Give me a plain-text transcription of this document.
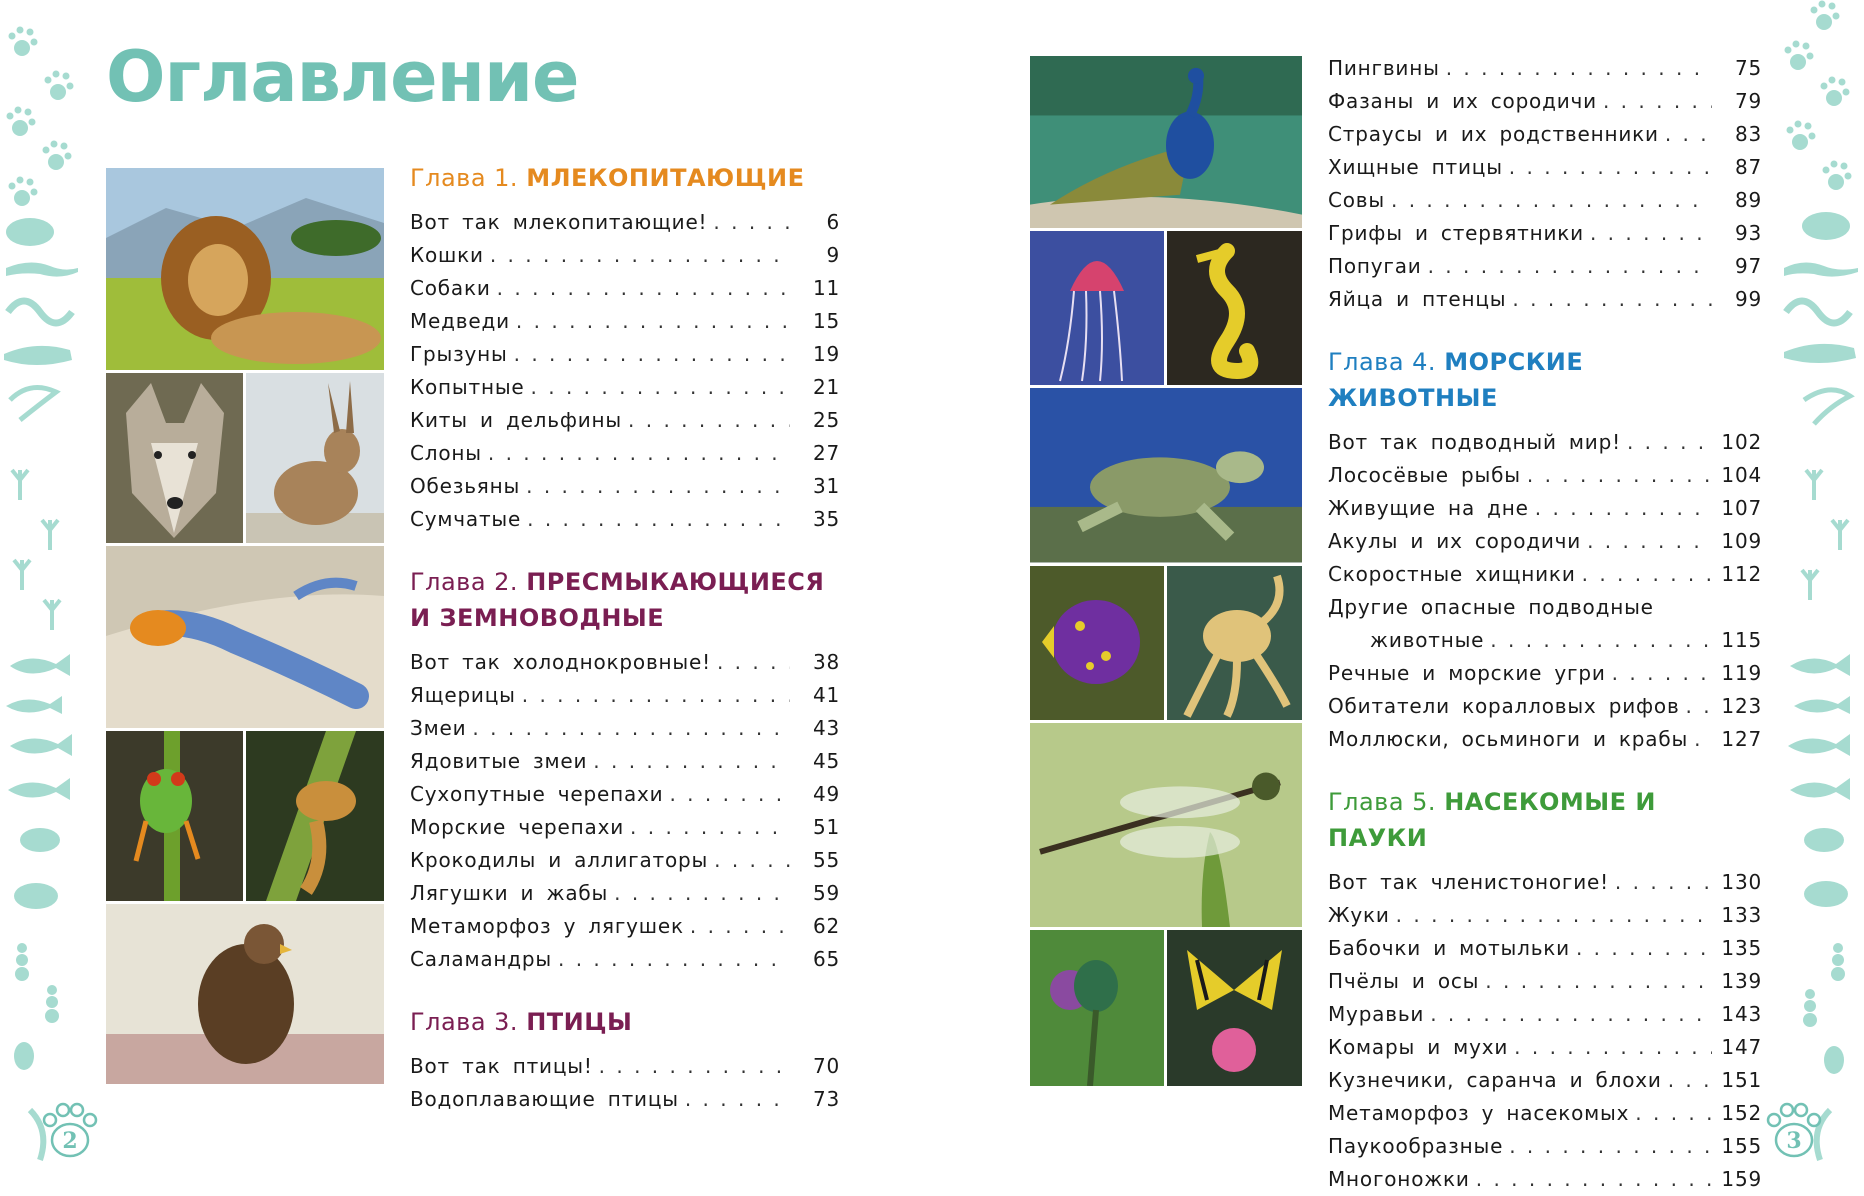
Оглавление
Глава 1. МЛЕКОПИТАЮЩИЕ
Вот так млекопитающие! . . .	6
Кошки . . .	9
Собаки . . .	11
Медведи . . .	15
Грызуны . . .	19
Копытные . . .	21
Киты и дельфины . . .	25
Слоны . . .	27
Обезьяны . . .	31
Сумчатые . . .	35
Глава 2. ПРЕСМЫКАЮЩИЕСЯ
И ЗЕМНОВОДНЫЕ
Вот так холоднокровные! . . .	38
Ящерицы . . .	41
Змеи . . .	43
Ядовитые змеи . . .	45
Сухопутные черепахи . . .	49
Морские черепахи . . .	51
Крокодилы и аллигаторы . . .	55
Лягушки и жабы . . .	59
Метаморфоз у лягушек . . .	62
Саламандры . . .	65
Глава 3. ПТИЦЫ
Вот так птицы! . . .	70
Водоплавающие птицы . . .	73
Пингвины . . .	75
Фазаны и их сородичи . . .	79
Страусы и их родственники . . .	83
Хищные птицы . . .	87
Совы . . .	89
Грифы и стервятники . . .	93
Попугаи . . .	97
Яйца и птенцы . . .	99
Глава 4. МОРСКИЕ ЖИВОТНЫЕ
Вот так подводный мир! . . .	102
Лососёвые рыбы . . .	104
Живущие на дне . . .	107
Акулы и их сородичи . . .	109
Скоростные хищники . . .	112
Другие опасные подводные
животные . . .	115
Речные и морские угри . . .	119
Обитатели коралловых рифов . . . 123
Моллюски, осьминоги и крабы . . . 127
Глава 5. НАСЕКОМЫЕ И ПАУКИ
Вот так членистоногие! . . .	130
Жуки . . .	133
Бабочки и мотыльки . . .	135
Пчёлы и осы . . .	139
Муравьи . . .	143
Комары и мухи . . .	147
Кузнечики, саранча и блохи . . .	151
Метаморфоз у насекомых . . .	152
Паукообразные . . .	155
Многоножки . . .	159
2	3
